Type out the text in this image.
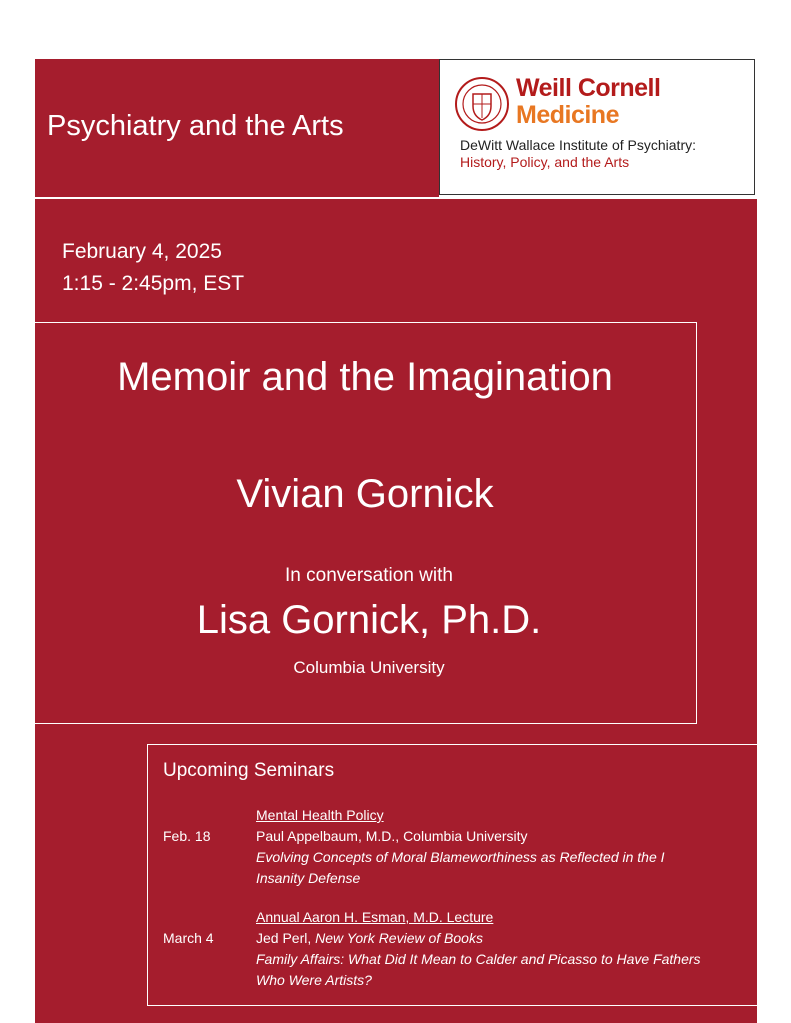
Weill Cornell
Medicine
DeWitt Wallace Institute of Psychiatry:
History, Policy, and the Arts
Psychiatry and the Arts
February 4, 2025
1:15 - 2:45pm, EST
Memoir and the Imagination
Vivian Gornick
In conversation with
Lisa Gornick, Ph.D.
Columbia University
Upcoming Seminars
Mental Health Policy
Feb. 18	Paul Appelbaum, M.D., Columbia University
Evolving Concepts of Moral Blameworthiness as Reflected in the I
Insanity Defense
Annual Aaron H. Esman, M.D. Lecture
March 4	Jed Perl, New York Review of Books
Family Affairs: What Did It Mean to Calder and Picasso to Have Fathers
Who Were Artists?
